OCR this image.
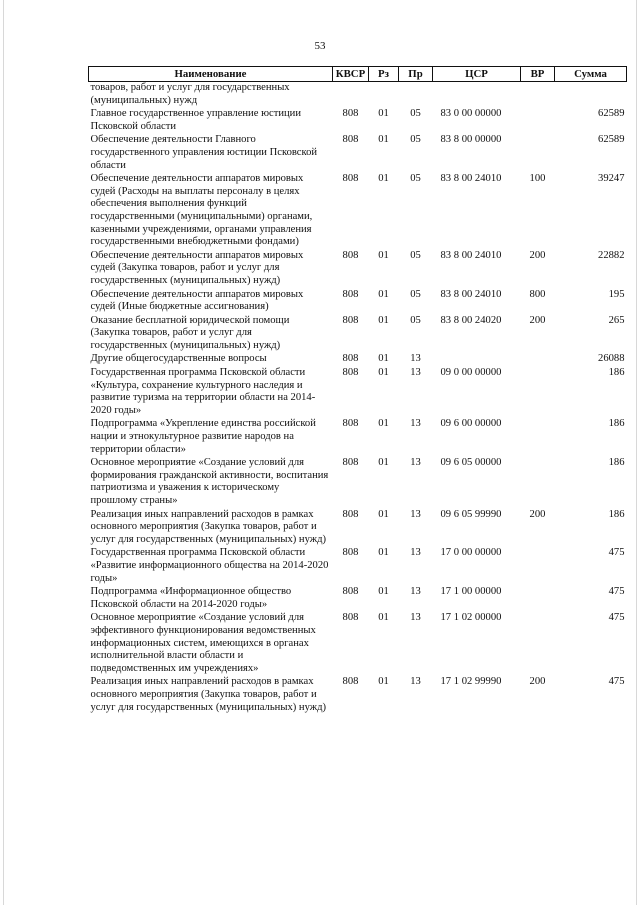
53
Наименование	КВСР	Рз	Пр	ЦСР	ВР	Сумма
товаров, работ и услуг для государственных (муниципальных) нужд						
Главное государственное управление юстиции Псковской области	808	01	05	83 0 00 00000		62589
Обеспечение деятельности Главного государственного управления юстиции Псковской области	808	01	05	83 8 00 00000		62589
Обеспечение деятельности аппаратов мировых судей (Расходы на выплаты персоналу в целях обеспечения выполнения функций государственными (муниципальными) органами, казенными учреждениями, органами управления государственными внебюджетными фондами)	808	01	05	83 8 00 24010	100	39247
Обеспечение деятельности аппаратов мировых судей (Закупка товаров, работ и услуг для государственных (муниципальных) нужд)	808	01	05	83 8 00 24010	200	22882
Обеспечение деятельности аппаратов мировых судей (Иные бюджетные ассигнования)	808	01	05	83 8 00 24010	800	195
Оказание бесплатной юридической помощи (Закупка товаров, работ и услуг для государственных (муниципальных) нужд)	808	01	05	83 8 00 24020	200	265
Другие общегосударственные вопросы	808	01	13			26088
Государственная программа Псковской области «Культура, сохранение культурного наследия и развитие туризма на территории области на 2014-2020 годы»	808	01	13	09 0 00 00000		186
Подпрограмма «Укрепление единства российской нации и этнокультурное развитие народов на территории области»	808	01	13	09 6 00 00000		186
Основное мероприятие «Создание условий для формирования гражданской активности, воспитания патриотизма и уважения к историческому прошлому страны»	808	01	13	09 6 05 00000		186
Реализация иных направлений расходов в рамках основного мероприятия (Закупка товаров, работ и услуг для государственных (муниципальных) нужд)	808	01	13	09 6 05 99990	200	186
Государственная программа Псковской области «Развитие информационного общества на 2014-2020 годы»	808	01	13	17 0 00 00000		475
Подпрограмма «Информационное общество Псковской области на 2014-2020 годы»	808	01	13	17 1 00 00000		475
Основное мероприятие «Создание условий для эффективного функционирования ведомственных информационных систем, имеющихся в органах исполнительной власти области и подведомственных им учреждениях»	808	01	13	17 1 02 00000		475
Реализация иных направлений расходов в рамках основного мероприятия (Закупка товаров, работ и услуг для государственных (муниципальных) нужд)	808	01	13	17 1 02 99990	200	475
